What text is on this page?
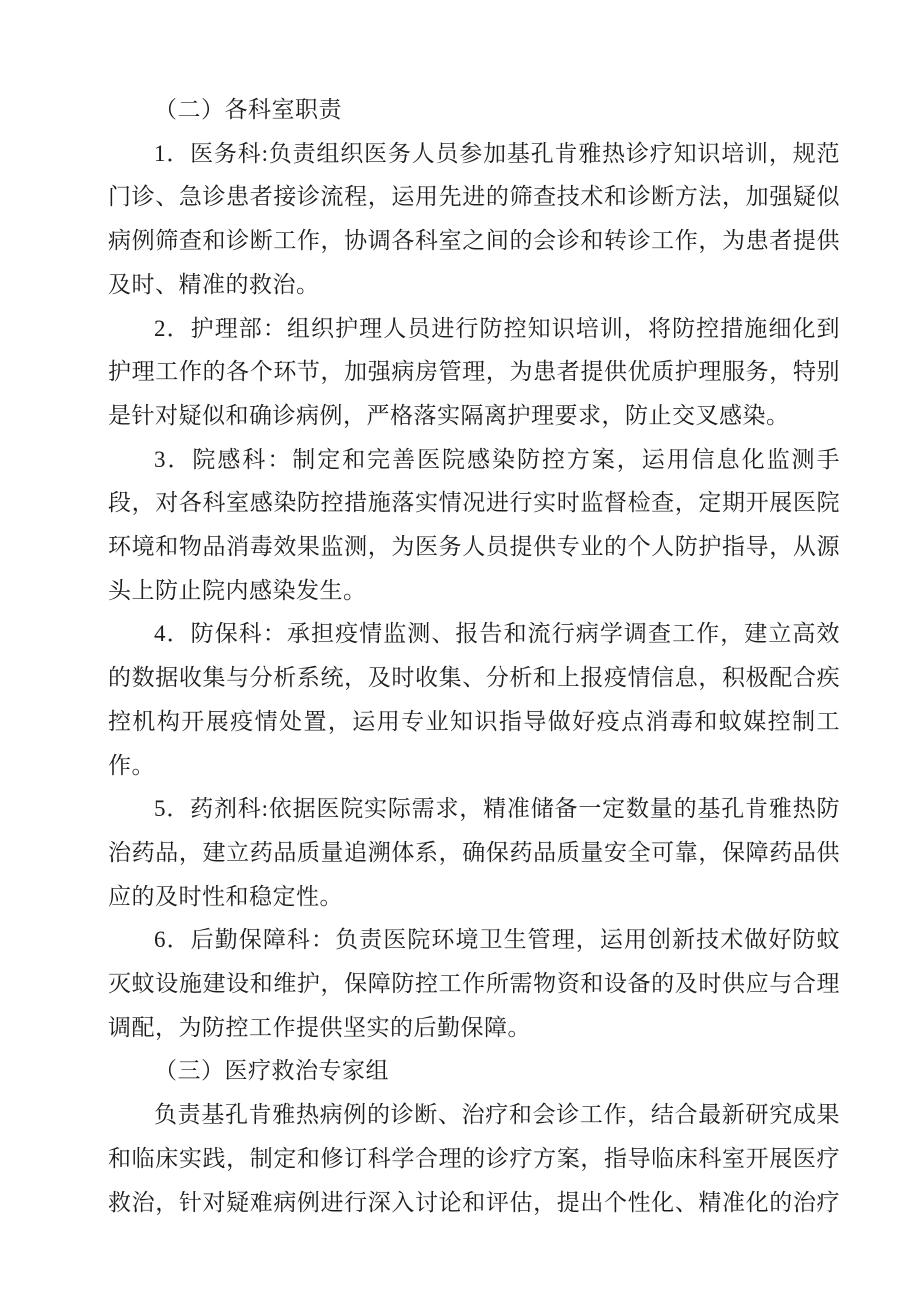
（二）各科室职责

1．医务科:负责组织医务人员参加基孔肯雅热诊疗知识培训，规范门诊、急诊患者接诊流程，运用先进的筛查技术和诊断方法，加强疑似病例筛查和诊断工作，协调各科室之间的会诊和转诊工作，为患者提供及时、精准的救治。

2．护理部：组织护理人员进行防控知识培训，将防控措施细化到护理工作的各个环节，加强病房管理，为患者提供优质护理服务，特别是针对疑似和确诊病例，严格落实隔离护理要求，防止交叉感染。

3．院感科：制定和完善医院感染防控方案，运用信息化监测手段，对各科室感染防控措施落实情况进行实时监督检查，定期开展医院环境和物品消毒效果监测，为医务人员提供专业的个人防护指导，从源头上防止院内感染发生。

4．防保科：承担疫情监测、报告和流行病学调查工作，建立高效的数据收集与分析系统，及时收集、分析和上报疫情信息，积极配合疾控机构开展疫情处置，运用专业知识指导做好疫点消毒和蚊媒控制工作。

5．药剂科:依据医院实际需求，精准储备一定数量的基孔肯雅热防治药品，建立药品质量追溯体系，确保药品质量安全可靠，保障药品供应的及时性和稳定性。

6．后勤保障科：负责医院环境卫生管理，运用创新技术做好防蚊灭蚊设施建设和维护，保障防控工作所需物资和设备的及时供应与合理调配，为防控工作提供坚实的后勤保障。

（三）医疗救治专家组

负责基孔肯雅热病例的诊断、治疗和会诊工作，结合最新研究成果和临床实践，制定和修订科学合理的诊疗方案，指导临床科室开展医疗救治，针对疑难病例进行深入讨论和评估，提出个性化、精准化的治疗
